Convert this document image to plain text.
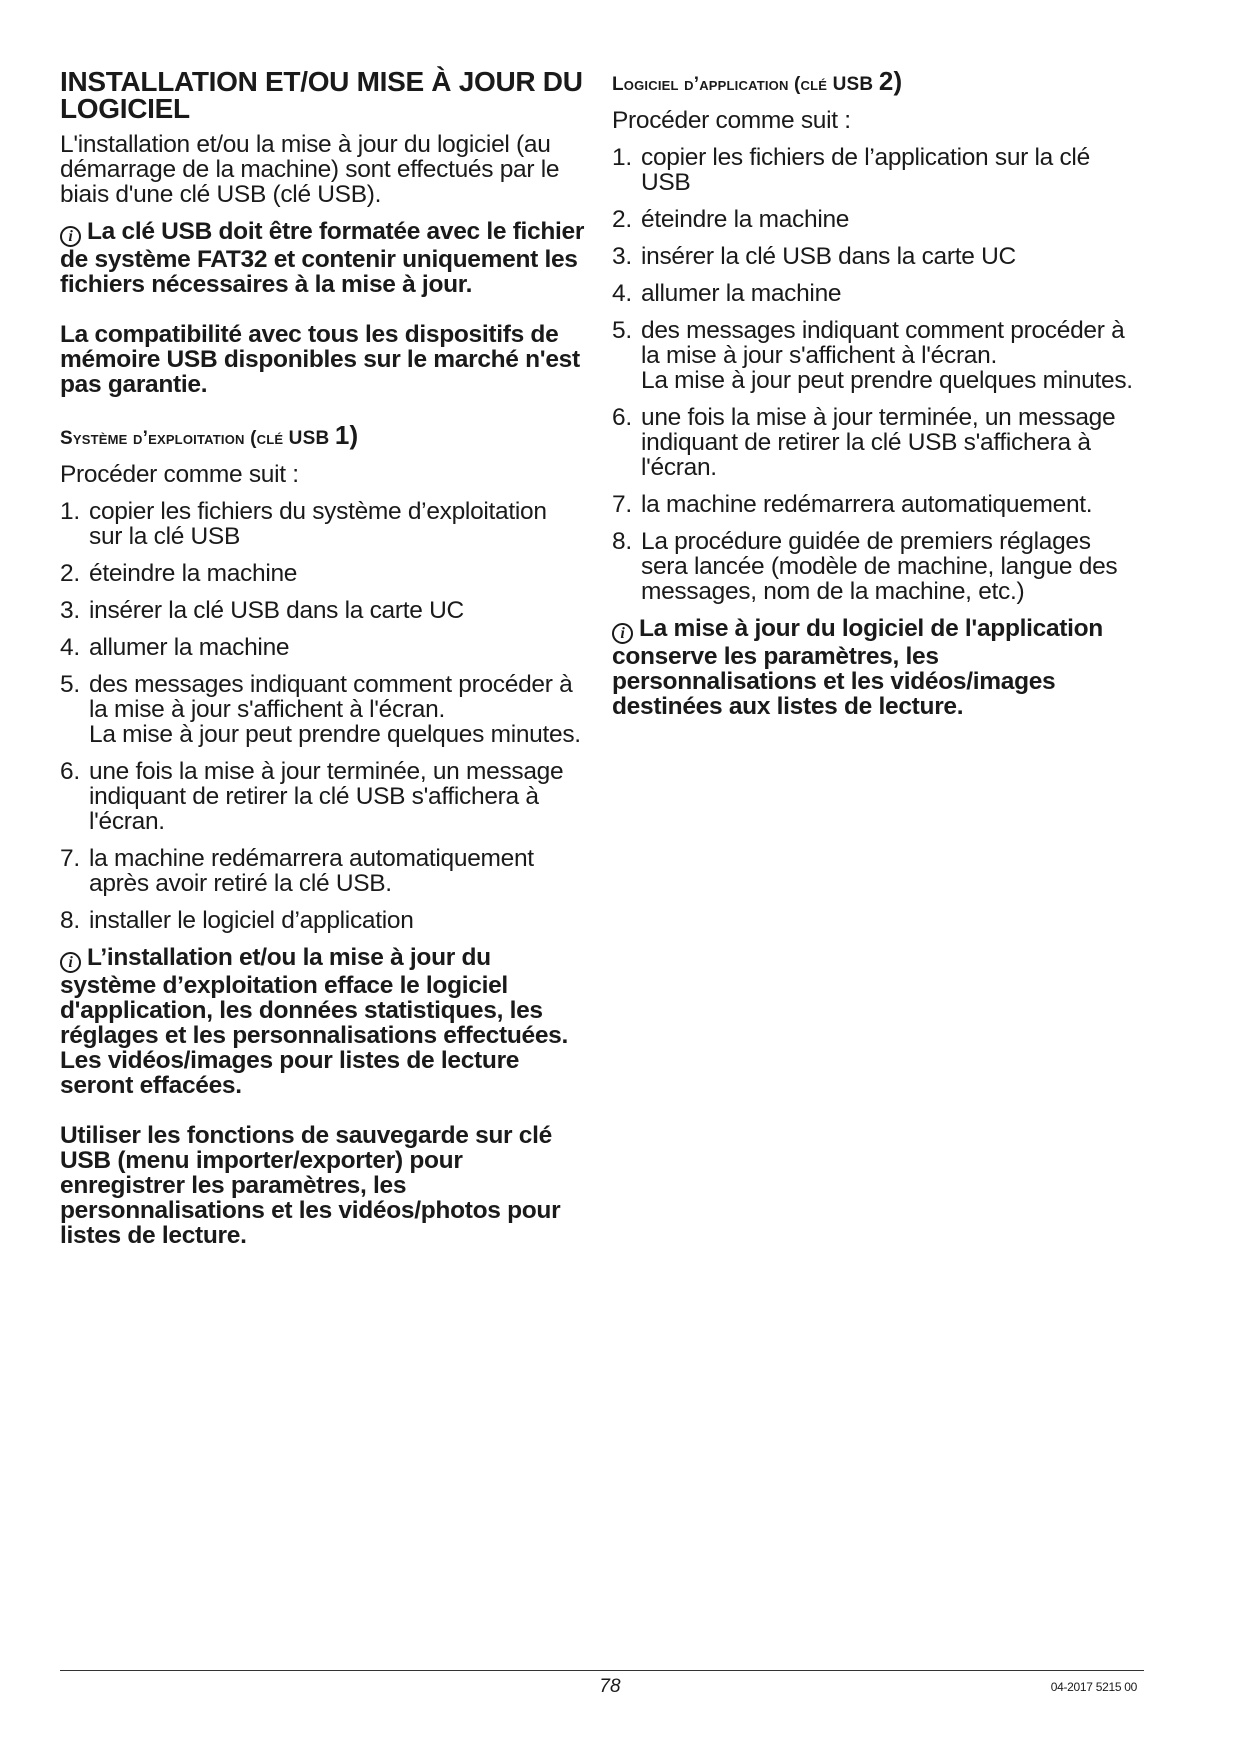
INSTALLATION ET/OU MISE À JOUR DU LOGICIEL

L'installation et/ou la mise à jour du logiciel (au démarrage de la machine) sont effectués par le biais d'une clé USB (clé USB).

i La clé USB doit être formatée avec le fichier de système FAT32 et contenir uniquement les fichiers nécessaires à la mise à jour.

La compatibilité avec tous les dispositifs de mémoire USB disponibles sur le marché n'est pas garantie.

Système d’exploitation (clé USB 1)

Procéder comme suit :

1. copier les fichiers du système d’exploitation sur la clé USB
2. éteindre la machine
3. insérer la clé USB dans la carte UC
4. allumer la machine
5. des messages indiquant comment procéder à la mise à jour s'affichent à l'écran.
La mise à jour peut prendre quelques minutes.
6. une fois la mise à jour terminée, un message indiquant de retirer la clé USB s'affichera à l'écran.
7. la machine redémarrera automatiquement après avoir retiré la clé USB.
8. installer le logiciel d’application

i L’installation et/ou la mise à jour du système d’exploitation efface le logiciel d'application, les données statistiques, les réglages et les personnalisations effectuées.

Les vidéos/images pour listes de lecture seront effacées.

Utiliser les fonctions de sauvegarde sur clé USB (menu importer/exporter) pour enregistrer les paramètres, les personnalisations et les vidéos/photos pour listes de lecture.

Logiciel d’application (clé USB 2)

Procéder comme suit :

1. copier les fichiers de l’application sur la clé USB
2. éteindre la machine
3. insérer la clé USB dans la carte UC
4. allumer la machine
5. des messages indiquant comment procéder à la mise à jour s'affichent à l'écran.
La mise à jour peut prendre quelques minutes.
6. une fois la mise à jour terminée, un message indiquant de retirer la clé USB s'affichera à l'écran.
7. la machine redémarrera automatiquement.
8. La procédure guidée de premiers réglages sera lancée (modèle de machine, langue des messages, nom de la machine, etc.)

i La mise à jour du logiciel de l'application conserve les paramètres, les personnalisations et les vidéos/images destinées aux listes de lecture.

78	04-2017 5215 00
